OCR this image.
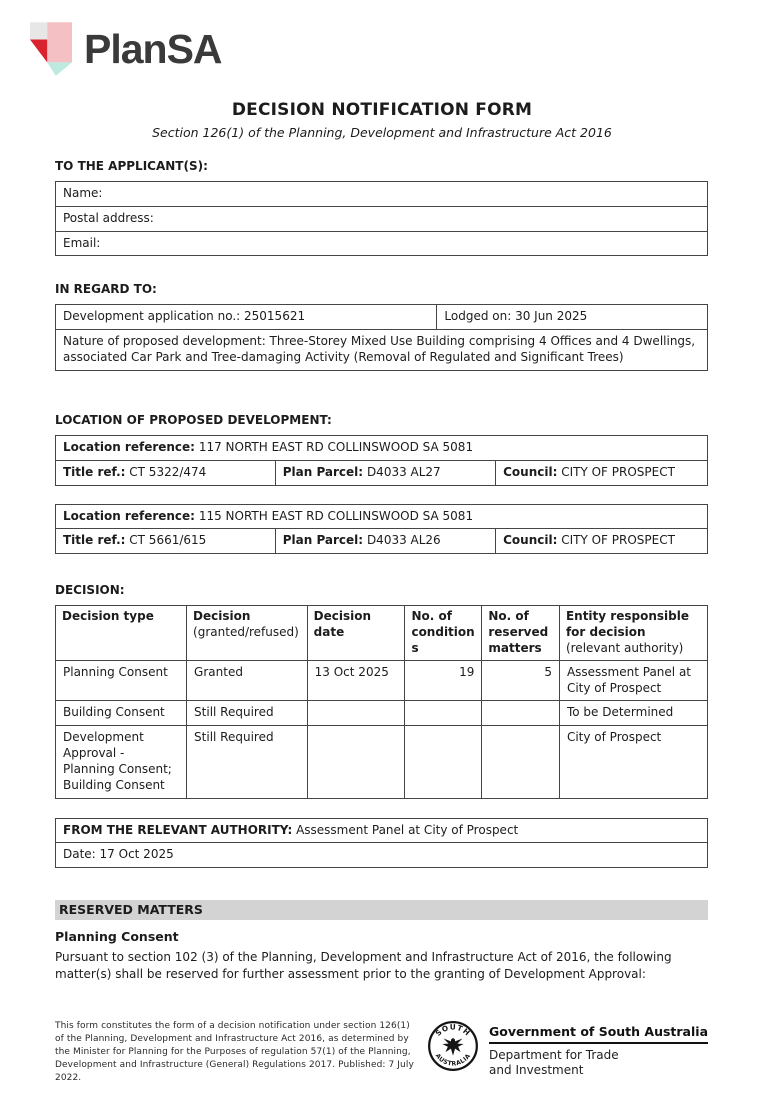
PlanSA
DECISION NOTIFICATION FORM
Section 126(1) of the Planning, Development and Infrastructure Act 2016
TO THE APPLICANT(S):
Name:
Postal address:
Email:
IN REGARD TO:
Development application no.: 25015621	Lodged on: 30 Jun 2025
Nature of proposed development: Three-Storey Mixed Use Building comprising 4 Offices and 4 Dwellings, associated Car Park and Tree-damaging Activity (Removal of Regulated and Significant Trees)
LOCATION OF PROPOSED DEVELOPMENT:
Location reference: 117 NORTH EAST RD COLLINSWOOD SA 5081
Title ref.: CT 5322/474	Plan Parcel: D4033 AL27	Council: CITY OF PROSPECT
Location reference: 115 NORTH EAST RD COLLINSWOOD SA 5081
Title ref.: CT 5661/615	Plan Parcel: D4033 AL26	Council: CITY OF PROSPECT
DECISION:
Decision type	Decision (granted/refused)	Decision date	No. of conditions	No. of reserved matters	Entity responsible for decision (relevant authority)
Planning Consent	Granted	13 Oct 2025	19	5	Assessment Panel at City of Prospect
Building Consent	Still Required				To be Determined
Development Approval - Planning Consent; Building Consent	Still Required				City of Prospect
FROM THE RELEVANT AUTHORITY: Assessment Panel at City of Prospect
Date: 17 Oct 2025
RESERVED MATTERS
Planning Consent
Pursuant to section 102 (3) of the Planning, Development and Infrastructure Act of 2016, the following matter(s) shall be reserved for further assessment prior to the granting of Development Approval:
This form constitutes the form of a decision notification under section 126(1) of the Planning, Development and Infrastructure Act 2016, as determined by the Minister for Planning for the Purposes of regulation 57(1) of the Planning, Development and Infrastructure (General) Regulations 2017. Published: 7 July 2022.
SOUTH
AUSTRALIA
Government of South Australia
Department for Trade
and Investment
